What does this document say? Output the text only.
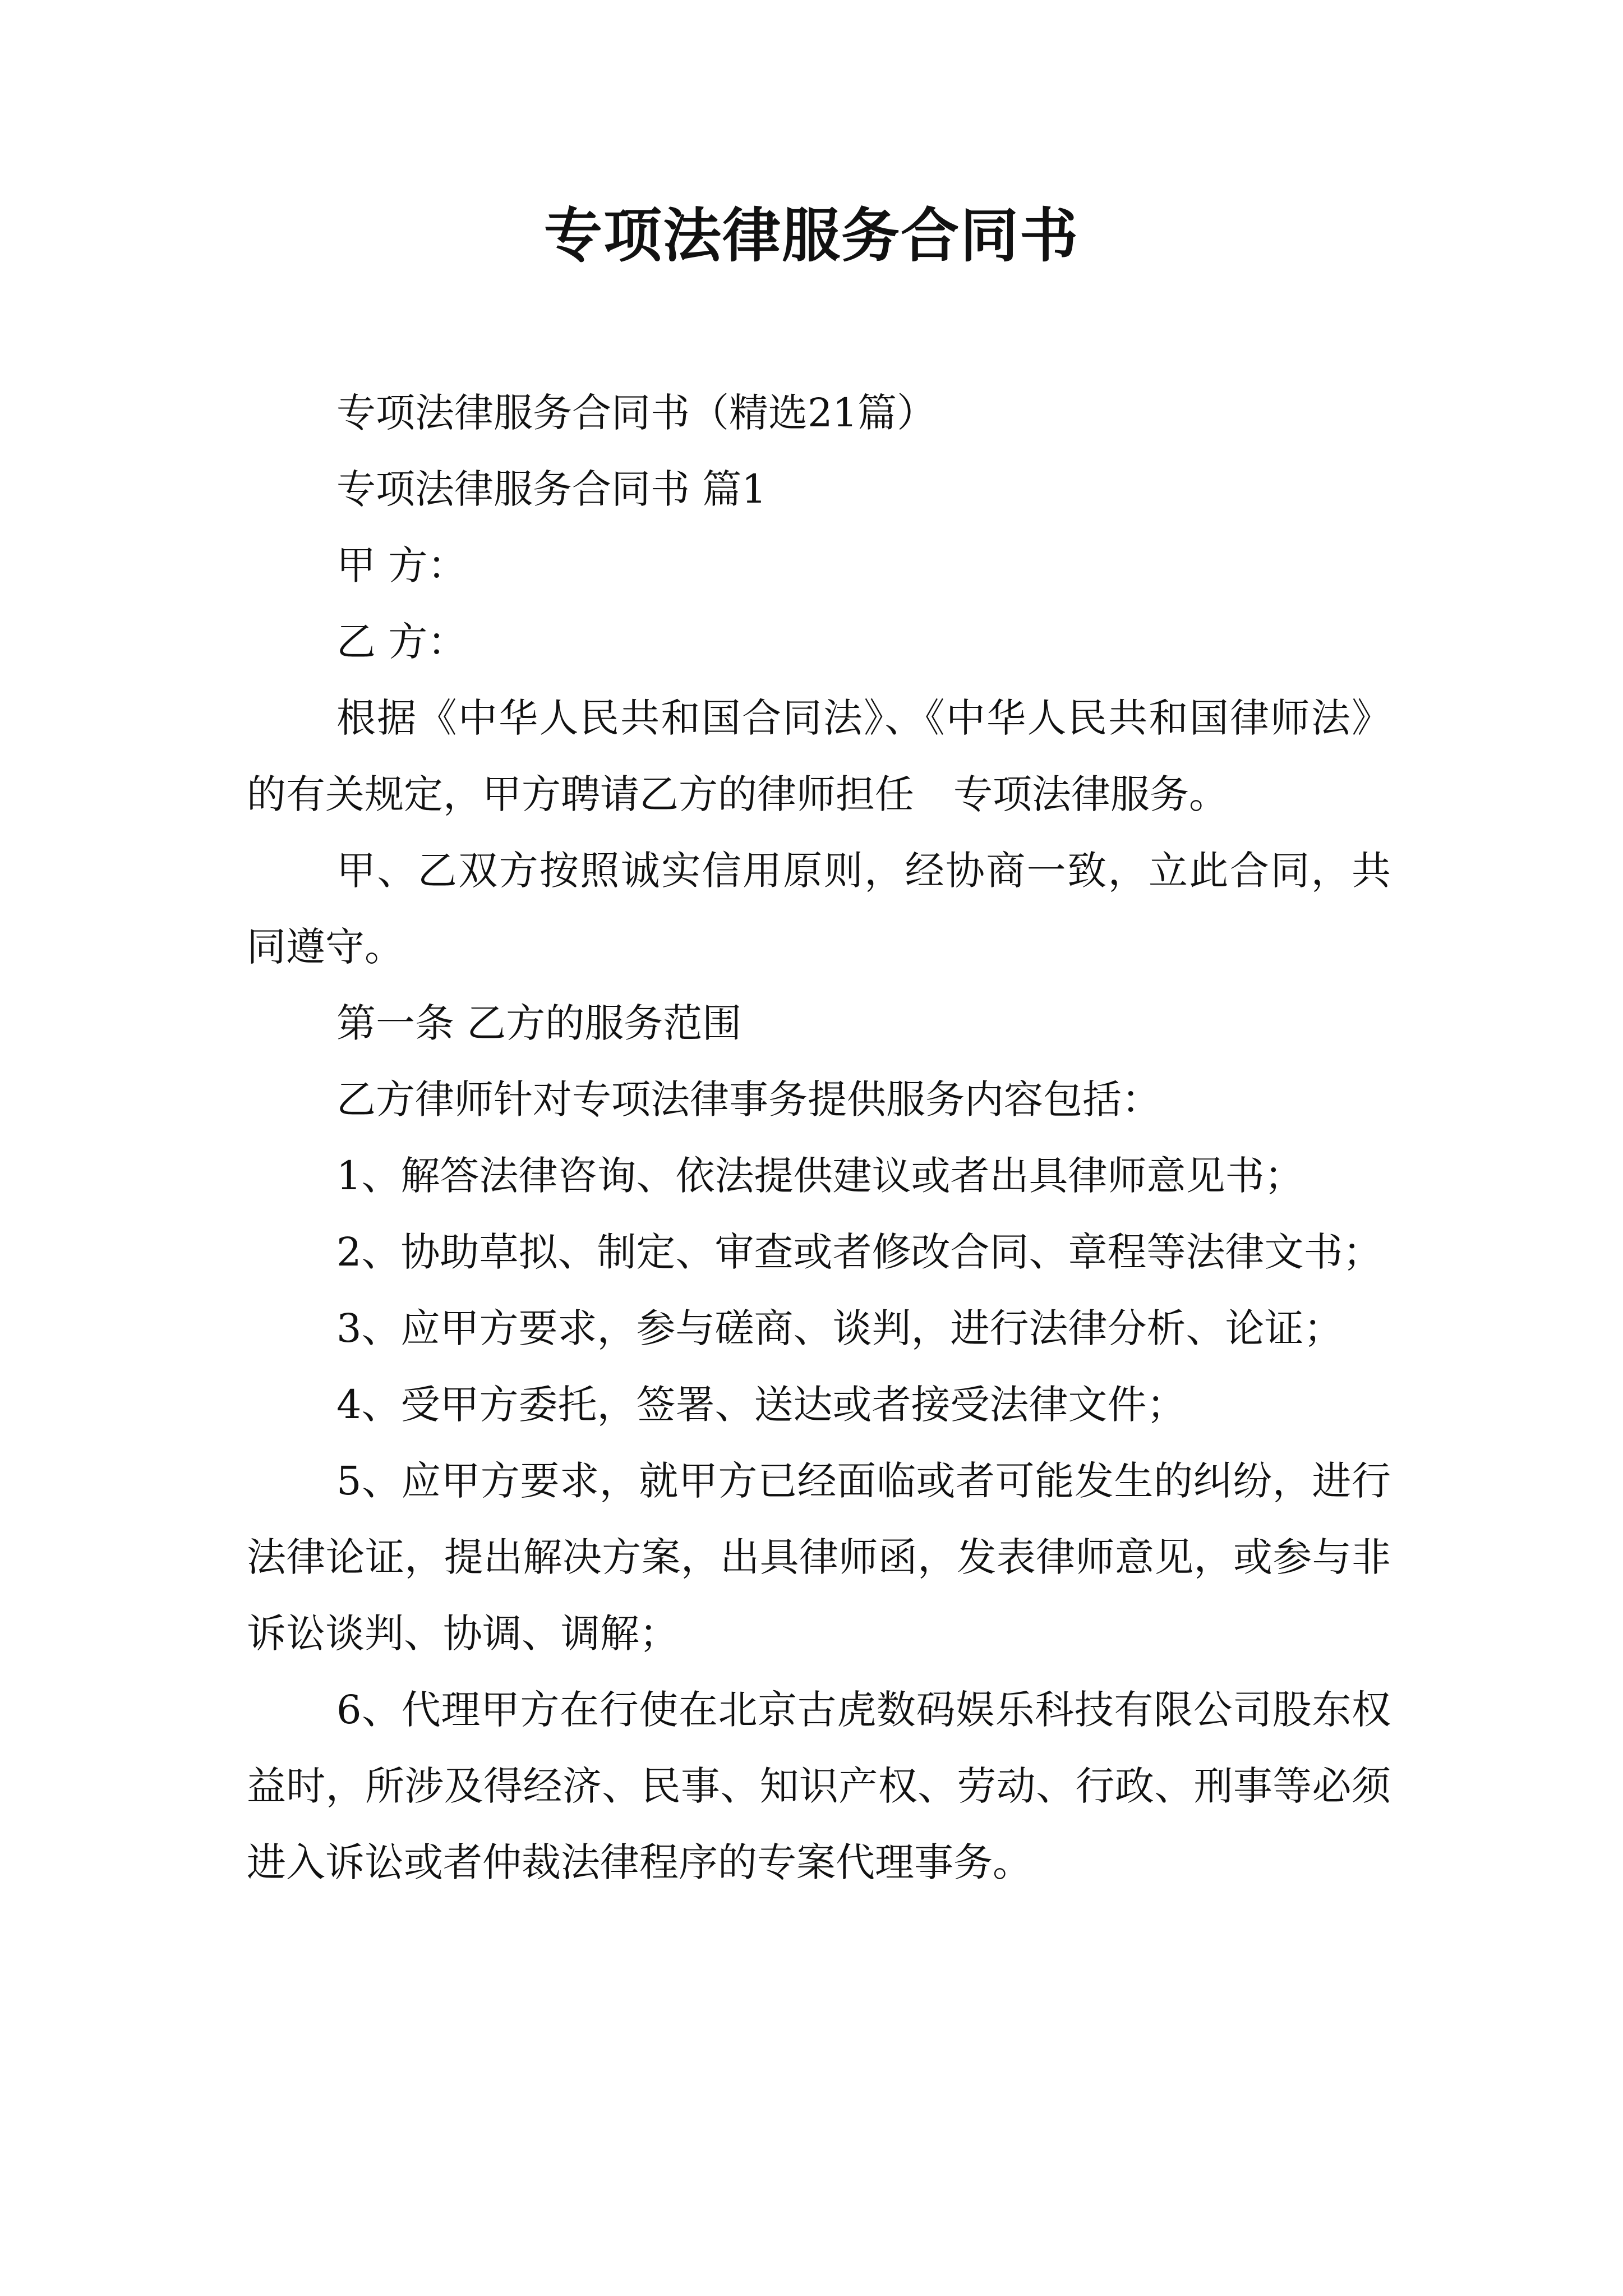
专项法律服务合同书

专项法律服务合同书（精选21篇）

专项法律服务合同书 篇1

甲 方：

乙 方：

根据《中华人民共和国合同法》、《中华人民共和国律师法》的有关规定，甲方聘请乙方的律师担任　专项法律服务。

甲、乙双方按照诚实信用原则，经协商一致，立此合同，共同遵守。

第一条 乙方的服务范围

乙方律师针对专项法律事务提供服务内容包括：

1、解答法律咨询、依法提供建议或者出具律师意见书；

2、协助草拟、制定、审查或者修改合同、章程等法律文书；

3、应甲方要求，参与磋商、谈判，进行法律分析、论证；

4、受甲方委托，签署、送达或者接受法律文件；

5、应甲方要求，就甲方已经面临或者可能发生的纠纷，进行法律论证，提出解决方案，出具律师函，发表律师意见，或参与非诉讼谈判、协调、调解；

6、代理甲方在行使在北京古虎数码娱乐科技有限公司股东权益时，所涉及得经济、民事、知识产权、劳动、行政、刑事等必须进入诉讼或者仲裁法律程序的专案代理事务。
